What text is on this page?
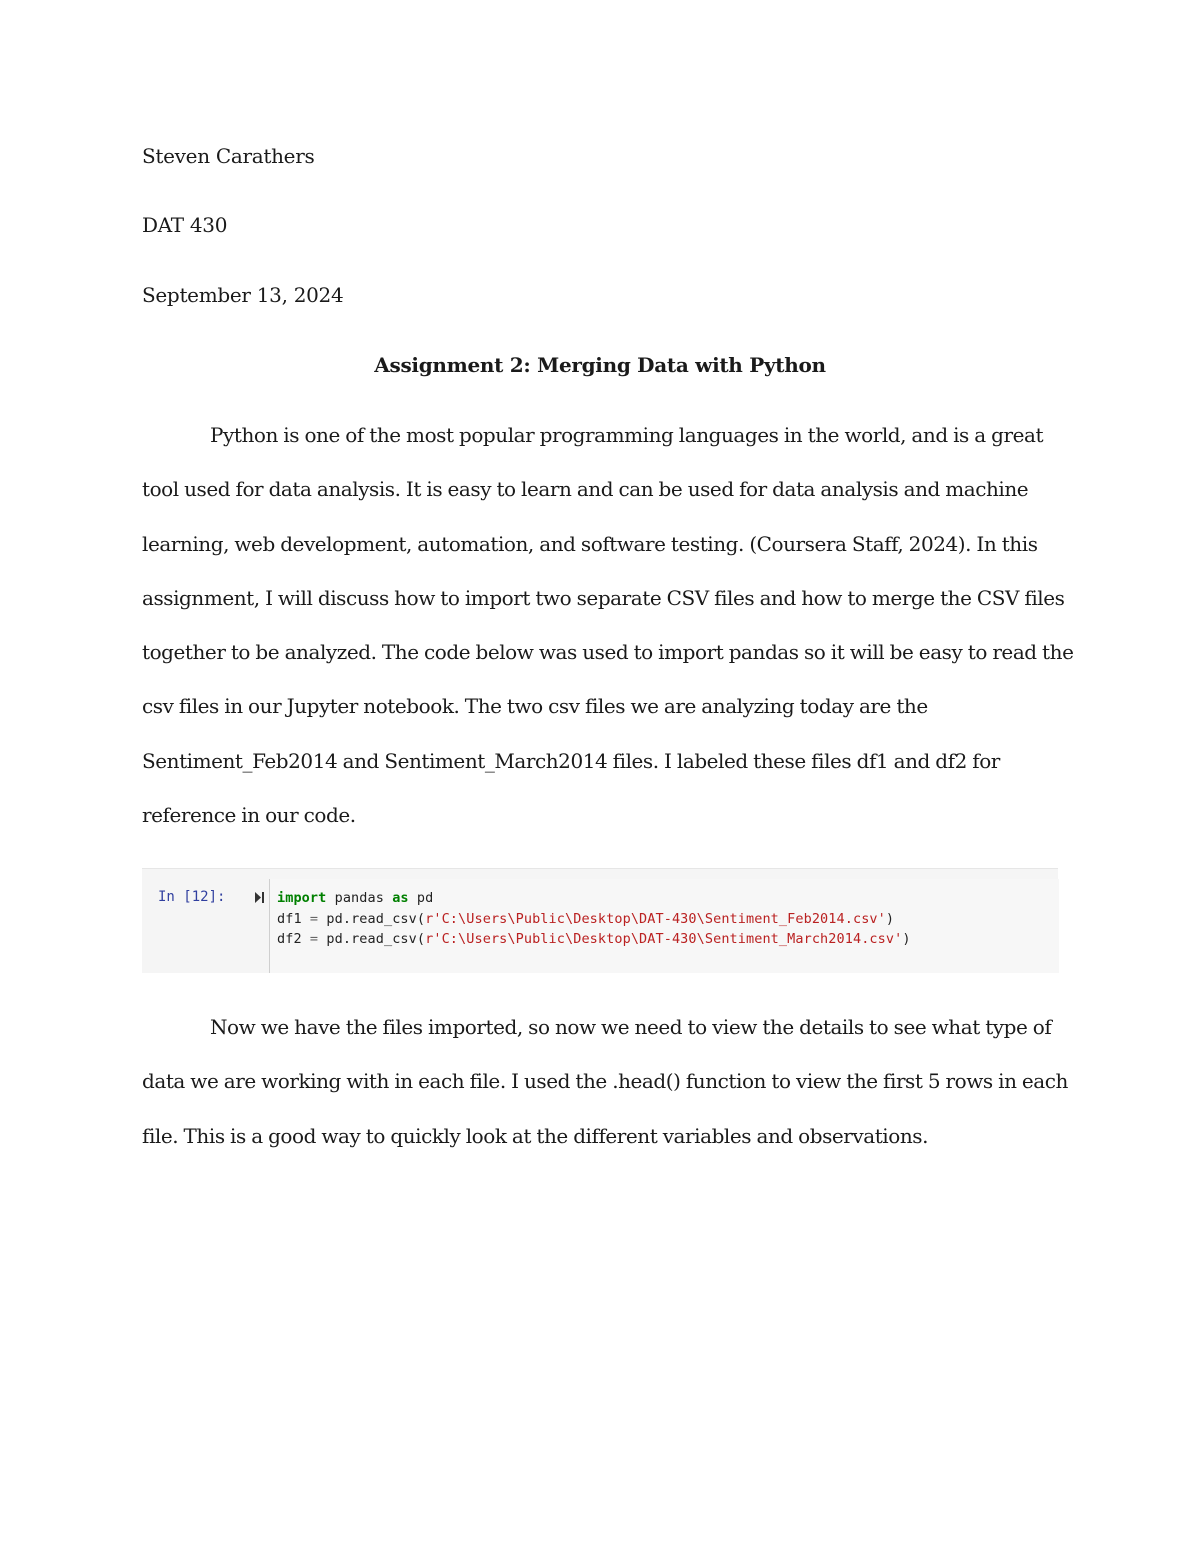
Steven Carathers
DAT 430
September 13, 2024
Assignment 2: Merging Data with Python
Python is one of the most popular programming languages in the world, and is a great
tool used for data analysis. It is easy to learn and can be used for data analysis and machine
learning, web development, automation, and software testing. (Coursera Staff, 2024). In this
assignment, I will discuss how to import two separate CSV files and how to merge the CSV files
together to be analyzed. The code below was used to import pandas so it will be easy to read the
csv files in our Jupyter notebook. The two csv files we are analyzing today are the
Sentiment_Feb2014 and Sentiment_March2014 files. I labeled these files df1 and df2 for
reference in our code.
In [12]:	import pandas as pd
df1 = pd.read_csv(r'C:\Users\Public\Desktop\DAT-430\Sentiment_Feb2014.csv')
df2 = pd.read_csv(r'C:\Users\Public\Desktop\DAT-430\Sentiment_March2014.csv')
Now we have the files imported, so now we need to view the details to see what type of
data we are working with in each file. I used the .head() function to view the first 5 rows in each
file. This is a good way to quickly look at the different variables and observations.
